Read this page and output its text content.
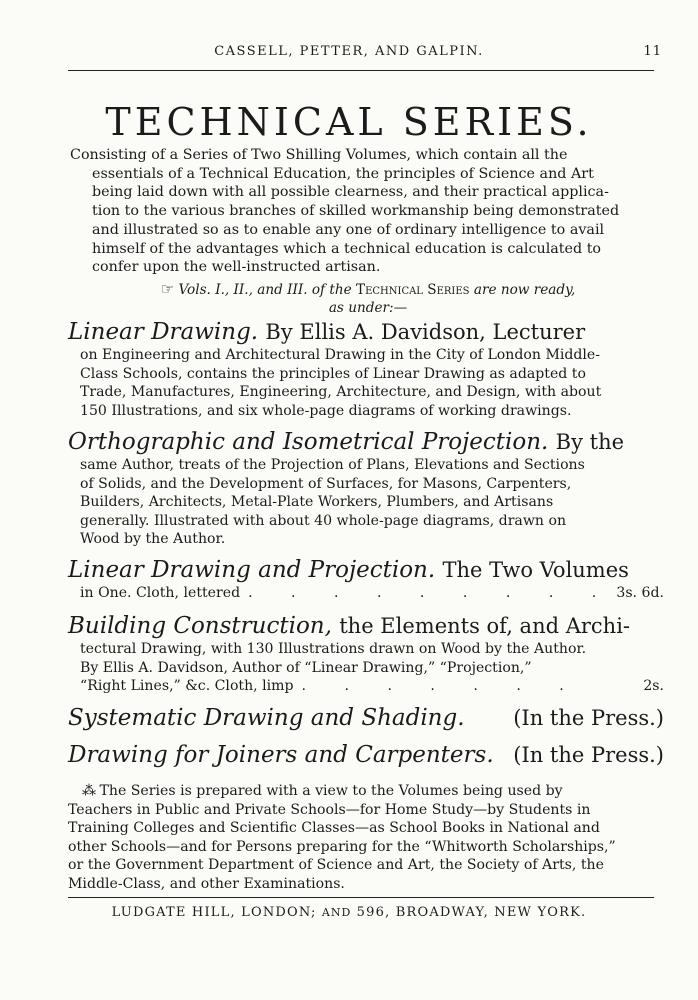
CASSELL, PETTER, AND GALPIN.	11
TECHNICAL SERIES.
Consisting of a Series of Two Shilling Volumes, which contain all the
essentials of a Technical Education, the principles of Science and Art
being laid down with all possible clearness, and their practical applica-
tion to the various branches of skilled workmanship being demonstrated
and illustrated so as to enable any one of ordinary intelligence to avail
himself of the advantages which a technical education is calculated to
confer upon the well-instructed artisan.
☞ Vols. I., II., and III. of the Technical Series are now ready,
as under:—
Linear Drawing. By Ellis A. Davidson, Lecturer
on Engineering and Architectural Drawing in the City of London Middle-
Class Schools, contains the principles of Linear Drawing as adapted to
Trade, Manufactures, Engineering, Architecture, and Design, with about
150 Illustrations, and six whole-page diagrams of working drawings.
Orthographic and Isometrical Projection. By the
same Author, treats of the Projection of Plans, Elevations and Sections
of Solids, and the Development of Surfaces, for Masons, Carpenters,
Builders, Architects, Metal-Plate Workers, Plumbers, and Artisans
generally. Illustrated with about 40 whole-page diagrams, drawn on
Wood by the Author.
Linear Drawing and Projection. The Two Volumes
in One. Cloth, lettered . . . . . . . . . 3s. 6d.
Building Construction, the Elements of, and Archi-
tectural Drawing, with 130 Illustrations drawn on Wood by the Author.
By Ellis A. Davidson, Author of “Linear Drawing,” “Projection,”
“Right Lines,” &c. Cloth, limp . . . . . . .	2s.
Systematic Drawing and Shading. (In the Press.)
Drawing for Joiners and Carpenters. (In the Press.)
⁂ The Series is prepared with a view to the Volumes being used by
Teachers in Public and Private Schools—for Home Study—by Students in
Training Colleges and Scientific Classes—as School Books in National and
other Schools—and for Persons preparing for the “Whitworth Scholarships,”
or the Government Department of Science and Art, the Society of Arts, the
Middle-Class, and other Examinations.
LUDGATE HILL, LONDON; AND 596, BROADWAY, NEW YORK.
